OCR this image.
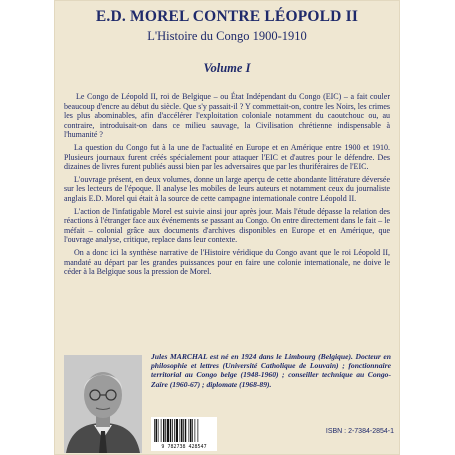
E.D. MOREL CONTRE LÉOPOLD II
L'Histoire du Congo 1900-1910
Volume I

Le Congo de Léopold II, roi de Belgique – ou État Indépendant du Congo (EIC) – a fait couler beaucoup d'encre au début du siècle. Que s'y passait-il ? Y commettait-on, contre les Noirs, les crimes les plus abominables, afin d'accélérer l'exploitation coloniale notamment du caoutchouc ou, au contraire, introduisait-on dans ce milieu sauvage, la Civilisation chrétienne indispensable à l'humanité ?

La question du Congo fut à la une de l'actualité en Europe et en Amérique entre 1900 et 1910. Plusieurs journaux furent créés spécialement pour attaquer l'EIC et d'autres pour le défendre. Des dizaines de livres furent publiés aussi bien par les adversaires que par les thuriféraires de l'EIC.

L'ouvrage présent, en deux volumes, donne un large aperçu de cette abondante littérature déversée sur les lecteurs de l'époque. Il analyse les mobiles de leurs auteurs et notamment ceux du journaliste anglais E.D. Morel qui était à la source de cette campagne internationale contre Léopold II.

L'action de l'infatigable Morel est suivie ainsi jour après jour. Mais l'étude dépasse la relation des réactions à l'étranger face aux événements se passant au Congo. On entre directement dans le fait – le méfait – colonial grâce aux documents d'archives disponibles en Europe et en Amérique, que l'ouvrage analyse, critique, replace dans leur contexte.

On a donc ici la synthèse narrative de l'Histoire véridique du Congo avant que le roi Léopold II, mandaté au départ par les grandes puissances pour en faire une colonie internationale, ne doive le céder à la Belgique sous la pression de Morel.

Jules MARCHAL est né en 1924 dans le Limbourg (Belgique). Docteur en philosophie et lettres (Université Catholique de Louvain) ; fonctionnaire territorial au Congo belge (1948-1960) ; conseiller technique au Congo-Zaïre (1960-67) ; diplomate (1968-89).
9 782738 428547
ISBN : 2-7384-2854-1
